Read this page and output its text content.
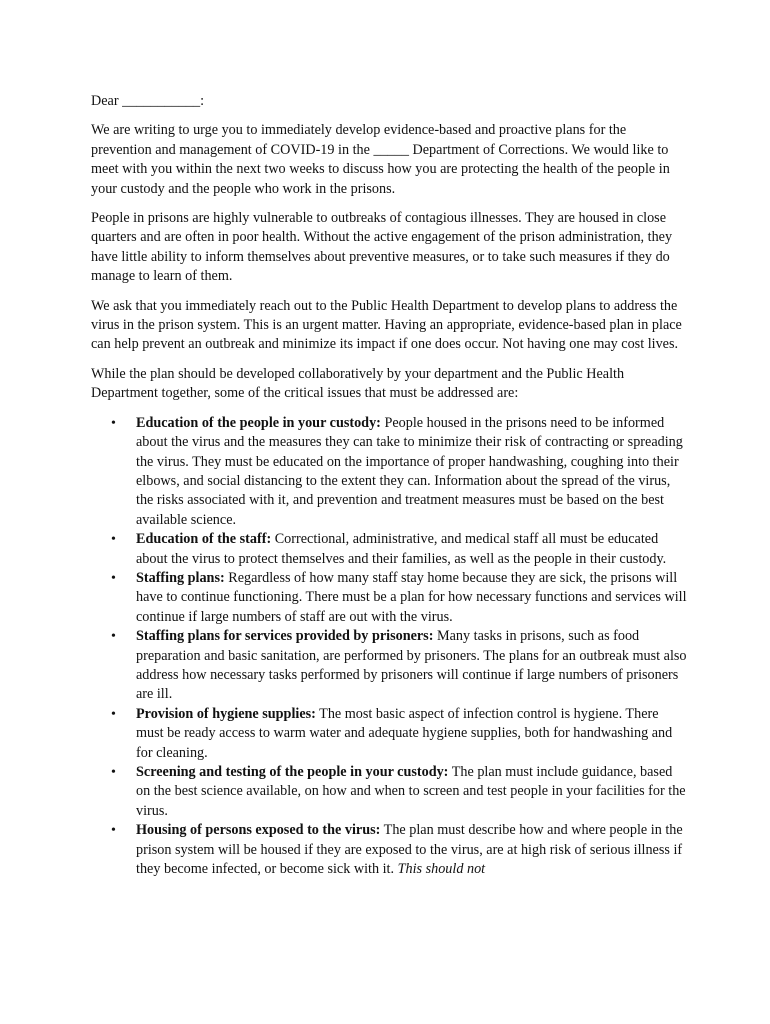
Dear ___________:

We are writing to urge you to immediately develop evidence-based and proactive plans for the prevention and management of COVID-19 in the _____ Department of Corrections. We would like to meet with you within the next two weeks to discuss how you are protecting the health of the people in your custody and the people who work in the prisons.

People in prisons are highly vulnerable to outbreaks of contagious illnesses. They are housed in close quarters and are often in poor health. Without the active engagement of the prison administration, they have little ability to inform themselves about preventive measures, or to take such measures if they do manage to learn of them.

We ask that you immediately reach out to the Public Health Department to develop plans to address the virus in the prison system. This is an urgent matter. Having an appropriate, evidence-based plan in place can help prevent an outbreak and minimize its impact if one does occur. Not having one may cost lives.

While the plan should be developed collaboratively by your department and the Public Health Department together, some of the critical issues that must be addressed are:

• Education of the people in your custody: People housed in the prisons need to be informed about the virus and the measures they can take to minimize their risk of contracting or spreading the virus. They must be educated on the importance of proper handwashing, coughing into their elbows, and social distancing to the extent they can. Information about the spread of the virus, the risks associated with it, and prevention and treatment measures must be based on the best available science.
• Education of the staff: Correctional, administrative, and medical staff all must be educated about the virus to protect themselves and their families, as well as the people in their custody.
• Staffing plans: Regardless of how many staff stay home because they are sick, the prisons will have to continue functioning. There must be a plan for how necessary functions and services will continue if large numbers of staff are out with the virus.
• Staffing plans for services provided by prisoners: Many tasks in prisons, such as food preparation and basic sanitation, are performed by prisoners. The plans for an outbreak must also address how necessary tasks performed by prisoners will continue if large numbers of prisoners are ill.
• Provision of hygiene supplies: The most basic aspect of infection control is hygiene. There must be ready access to warm water and adequate hygiene supplies, both for handwashing and for cleaning.
• Screening and testing of the people in your custody: The plan must include guidance, based on the best science available, on how and when to screen and test people in your facilities for the virus.
• Housing of persons exposed to the virus: The plan must describe how and where people in the prison system will be housed if they are exposed to the virus, are at high risk of serious illness if they become infected, or become sick with it. This should not
